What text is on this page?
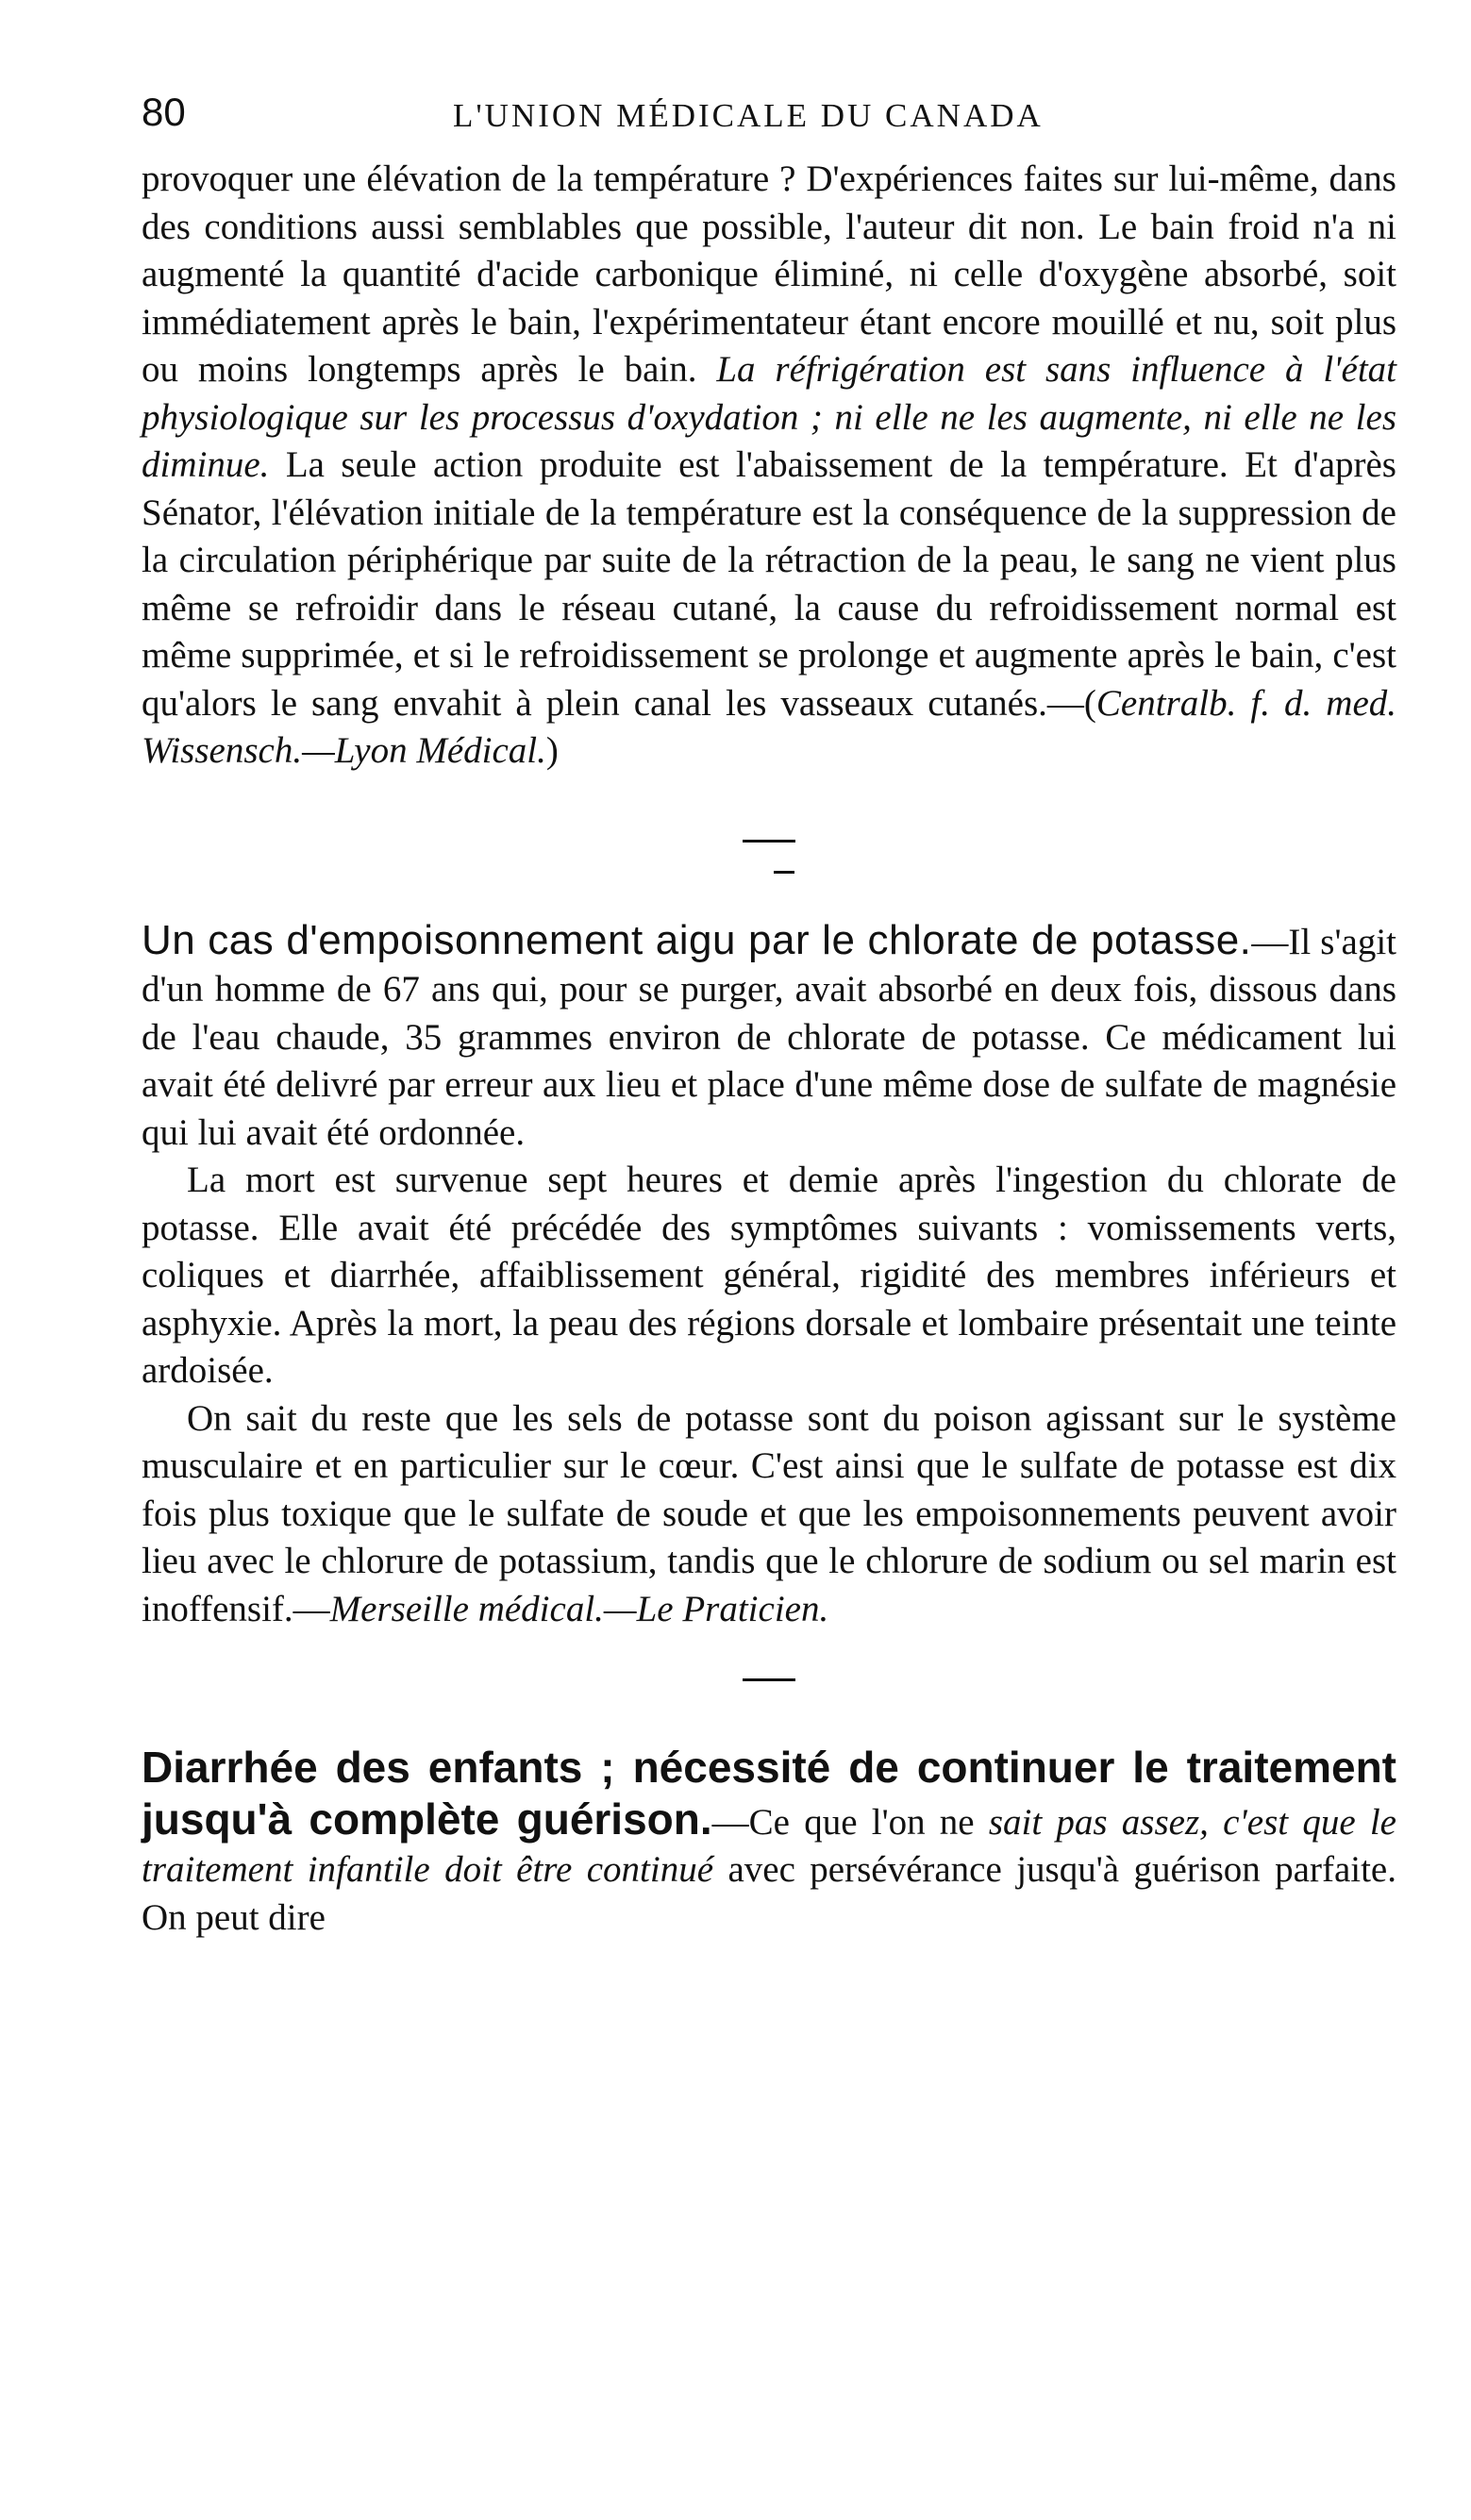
80	L'UNION MÉDICALE DU CANADA

provoquer une élévation de la température ? D'expériences faites sur lui-même, dans des conditions aussi semblables que possible, l'auteur dit non. Le bain froid n'a ni augmenté la quantité d'acide carbonique éliminé, ni celle d'oxygène absorbé, soit immédiatement après le bain, l'expérimentateur étant encore mouillé et nu, soit plus ou moins longtemps après le bain. La réfrigération est sans influence à l'état physiologique sur les processus d'oxydation ; ni elle ne les augmente, ni elle ne les diminue. La seule action produite est l'abaissement de la température. Et d'après Sénator, l'élévation initiale de la température est la conséquence de la suppression de la circulation périphérique par suite de la rétraction de la peau, le sang ne vient plus même se refroidir dans le réseau cutané, la cause du refroidissement normal est même supprimée, et si le refroidissement se prolonge et augmente après le bain, c'est qu'alors le sang envahit à plein canal les vasseaux cutanés.—(Centralb. f. d. med. Wissensch.—Lyon Médical.)

Un cas d'empoisonnement aigu par le chlorate de potasse.—Il s'agit d'un homme de 67 ans qui, pour se purger, avait absorbé en deux fois, dissous dans de l'eau chaude, 35 grammes environ de chlorate de potasse. Ce médicament lui avait été delivré par erreur aux lieu et place d'une même dose de sulfate de magnésie qui lui avait été ordonnée.

La mort est survenue sept heures et demie après l'ingestion du chlorate de potasse. Elle avait été précédée des symptômes suivants : vomissements verts, coliques et diarrhée, affaiblissement général, rigidité des membres inférieurs et asphyxie. Après la mort, la peau des régions dorsale et lombaire présentait une teinte ardoisée.

On sait du reste que les sels de potasse sont du poison agissant sur le système musculaire et en particulier sur le cœur. C'est ainsi que le sulfate de potasse est dix fois plus toxique que le sulfate de soude et que les empoisonnements peuvent avoir lieu avec le chlorure de potassium, tandis que le chlorure de sodium ou sel marin est inoffensif.—Merseille médical.—Le Praticien.

Diarrhée des enfants ; nécessité de continuer le traitement jusqu'à complète guérison.—Ce que l'on ne sait pas assez, c'est que le traitement infantile doit être continué avec persévérance jusqu'à guérison parfaite. On peut dire
